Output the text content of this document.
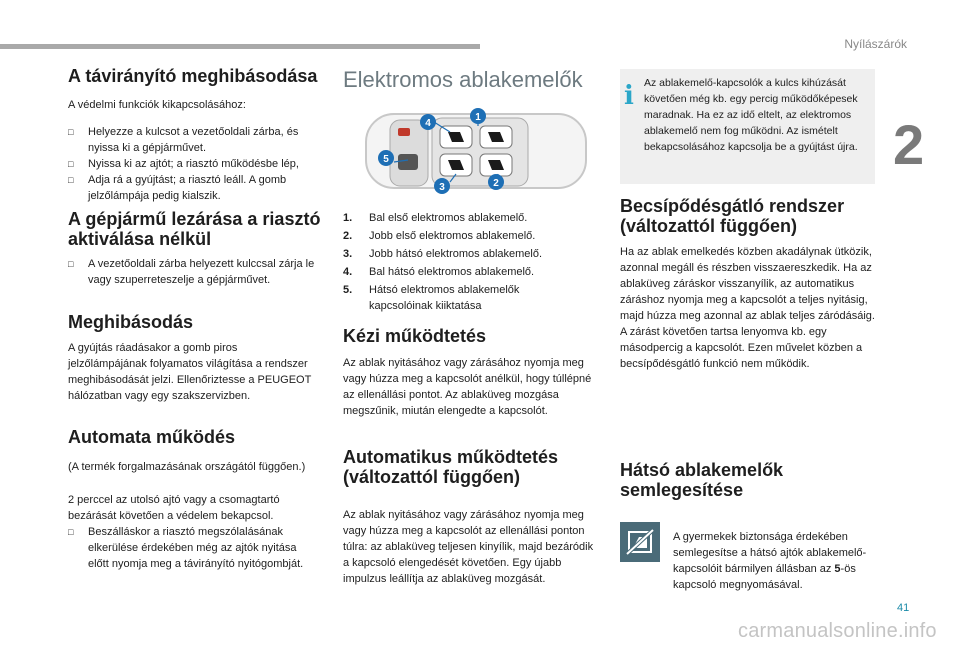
Nyílászárók
2
A távirányító meghibásodása

A védelmi funkciók kikapcsolásához:

□ Helyezze a kulcsot a vezetőoldali zárba, és nyissa ki a gépjárművet.
□ Nyissa ki az ajtót; a riasztó működésbe lép,
□ Adja rá a gyújtást; a riasztó leáll. A gomb jelzőlámpája pedig kialszik.
A gépjármű lezárása a riasztó aktiválása nélkül
□ A vezetőoldali zárba helyezett kulccsal zárja le vagy szuperreteszelje a gépjárművet.
Meghibásodás

A gyújtás ráadásakor a gomb piros jelzőlámpájának folyamatos világítása a rendszer meghibásodását jelzi. Ellenőriztesse a PEUGEOT hálózatban vagy egy szakszervizben.

Automata működés

(A termék forgalmazásának országától függően.)

2 perccel az utolsó ajtó vagy a csomagtartó bezárását követően a védelem bekapcsol.

□ Beszálláskor a riasztó megszólalásának elkerülése érdekében még az ajtók nyitása előtt nyomja meg a távirányító nyitógombját.
Elektromos ablakemelők
1
2
3
4
5
1. Bal első elektromos ablakemelő.
2. Jobb első elektromos ablakemelő.
3. Jobb hátsó elektromos ablakemelő.
4. Bal hátsó elektromos ablakemelő.
5. Hátsó elektromos ablakemelők kapcsolóinak kiiktatása
Kézi működtetés

Az ablak nyitásához vagy zárásához nyomja meg vagy húzza meg a kapcsolót anélkül, hogy túllépné az ellenállási pontot. Az ablaküveg mozgása megszűnik, miután elengedte a kapcsolót.

Automatikus működtetés (változattól függően)

Az ablak nyitásához vagy zárásához nyomja meg vagy húzza meg a kapcsolót az ellenállási ponton túlra: az ablaküveg teljesen kinyílik, majd bezáródik a kapcsoló elengedését követően. Egy újabb impulzus leállítja az ablaküveg mozgását.

i Az ablakemelő-kapcsolók a kulcs kihúzását követően még kb. egy percig működőképesek maradnak. Ha ez az idő eltelt, az elektromos ablakemelő nem fog működni. Az ismételt bekapcsolásához kapcsolja be a gyújtást újra.
Becsípődésgátló rendszer (változattól függően)

Ha az ablak emelkedés közben akadálynak ütközik, azonnal megáll és részben visszaereszkedik. Ha az ablaküveg záráskor visszanyílik, az automatikus záráshoz nyomja meg a kapcsolót a teljes nyitásig, majd húzza meg azonnal az ablak teljes záródásáig. A zárást követően tartsa lenyomva kb. egy másodpercig a kapcsolót. Ezen művelet közben a becsípődésgátló funkció nem működik.

Hátsó ablakemelők semlegesítése

A gyermekek biztonsága érdekében semlegesítse a hátsó ajtók ablakemelő-kapcsolóit bármilyen állásban az 5-ös kapcsoló megnyomásával.

41
carmanualsonline.info
